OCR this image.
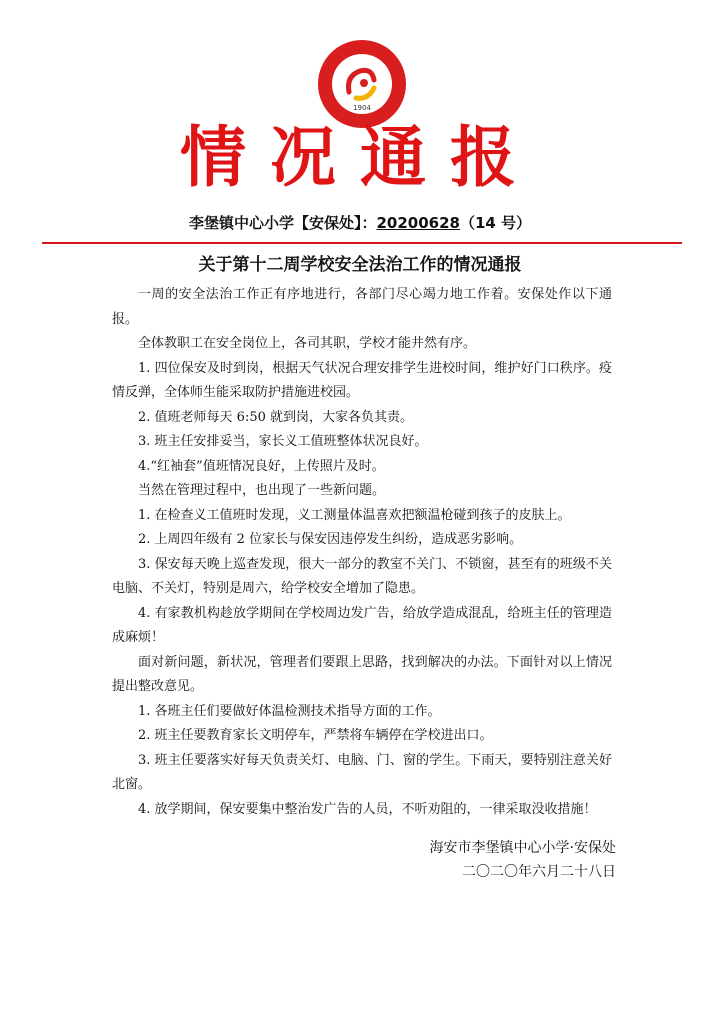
1904
情况通报
李堡镇中心小学【安保处】：20200628（14 号）
关于第十二周学校安全法治工作的情况通报

一周的安全法治工作正有序地进行，各部门尽心竭力地工作着。安保处作以下通报。

全体教职工在安全岗位上，各司其职，学校才能井然有序。

1. 四位保安及时到岗，根据天气状况合理安排学生进校时间，维护好门口秩序。疫情反弹，全体师生能采取防护措施进校园。

2. 值班老师每天 6:50 就到岗，大家各负其责。

3. 班主任安排妥当，家长义工值班整体状况良好。

4.“红袖套”值班情况良好，上传照片及时。

当然在管理过程中，也出现了一些新问题。

1. 在检查义工值班时发现，义工测量体温喜欢把额温枪碰到孩子的皮肤上。

2. 上周四年级有 2 位家长与保安因违停发生纠纷，造成恶劣影响。

3. 保安每天晚上巡查发现，很大一部分的教室不关门、不锁窗，甚至有的班级不关电脑、不关灯，特别是周六，给学校安全增加了隐患。

4. 有家教机构趁放学期间在学校周边发广告，给放学造成混乱，给班主任的管理造成麻烦！

面对新问题，新状况，管理者们要跟上思路，找到解决的办法。下面针对以上情况提出整改意见。

1. 各班主任们要做好体温检测技术指导方面的工作。

2. 班主任要教育家长文明停车，严禁将车辆停在学校进出口。

3. 班主任要落实好每天负责关灯、电脑、门、窗的学生。下雨天，要特别注意关好北窗。

4. 放学期间，保安要集中整治发广告的人员，不听劝阻的，一律采取没收措施！

海安市李堡镇中心小学·安保处
二〇二〇年六月二十八日
